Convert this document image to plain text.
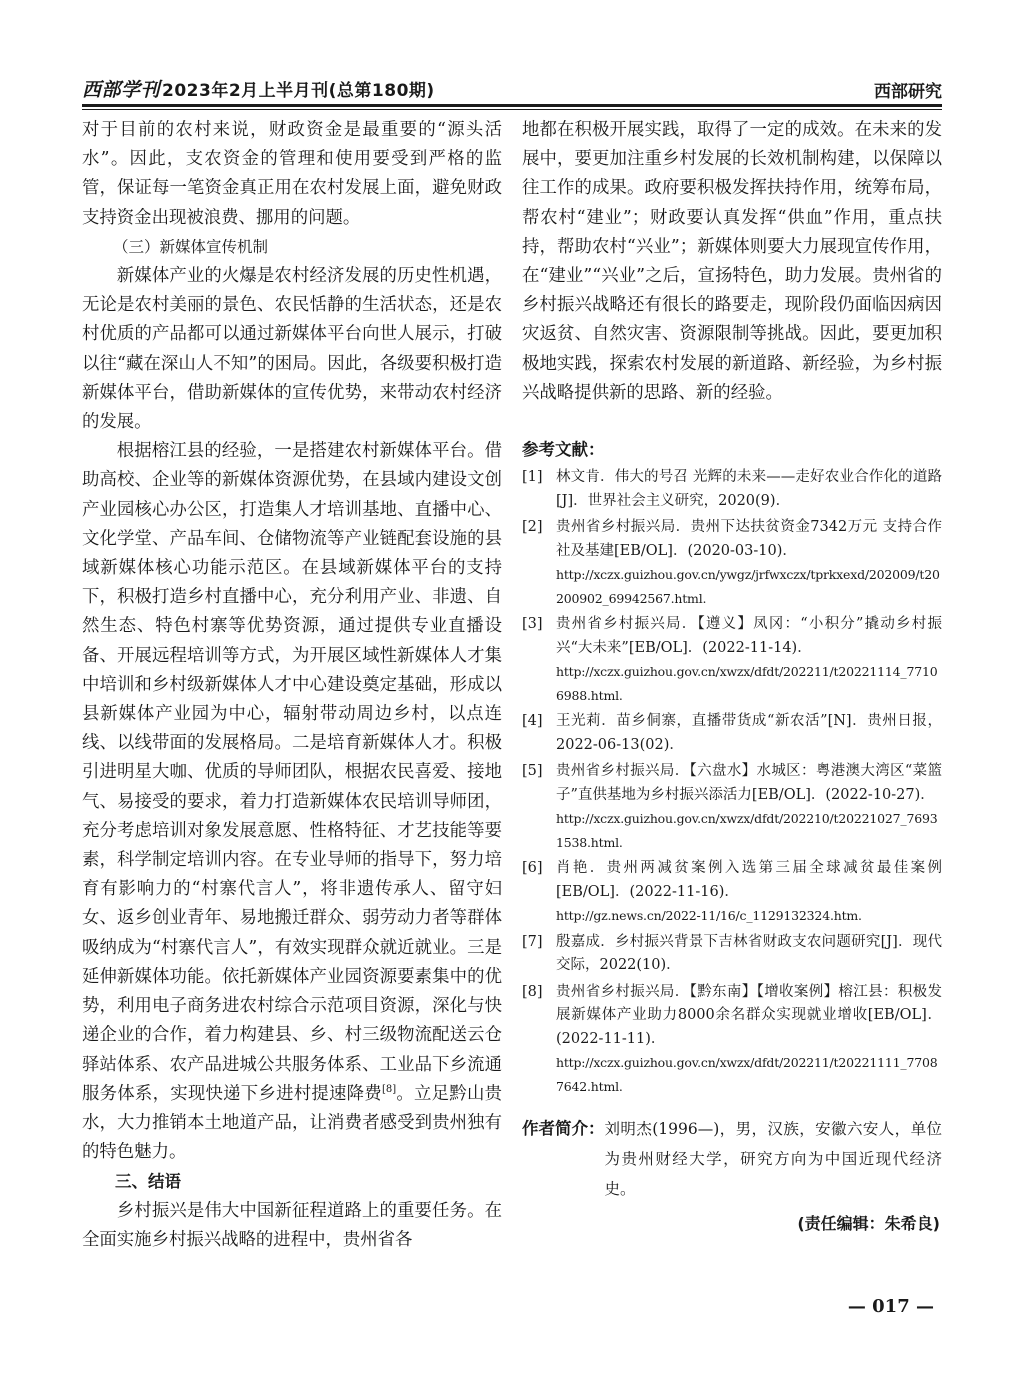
西部学刊 2023年2月上半月刊(总第180期)	西部研究

对于目前的农村来说，财政资金是最重要的“源头活水”。因此，支农资金的管理和使用要受到严格的监管，保证每一笔资金真正用在农村发展上面，避免财政支持资金出现被浪费、挪用的问题。

（三）新媒体宣传机制

新媒体产业的火爆是农村经济发展的历史性机遇，无论是农村美丽的景色、农民恬静的生活状态，还是农村优质的产品都可以通过新媒体平台向世人展示，打破以往“藏在深山人不知”的困局。因此，各级要积极打造新媒体平台，借助新媒体的宣传优势，来带动农村经济的发展。

根据榕江县的经验，一是搭建农村新媒体平台。借助高校、企业等的新媒体资源优势，在县域内建设文创产业园核心办公区，打造集人才培训基地、直播中心、文化学堂、产品车间、仓储物流等产业链配套设施的县域新媒体核心功能示范区。在县域新媒体平台的支持下，积极打造乡村直播中心，充分利用产业、非遗、自然生态、特色村寨等优势资源，通过提供专业直播设备、开展远程培训等方式，为开展区域性新媒体人才集中培训和乡村级新媒体人才中心建设奠定基础，形成以县新媒体产业园为中心，辐射带动周边乡村，以点连线、以线带面的发展格局。二是培育新媒体人才。积极引进明星大咖、优质的导师团队，根据农民喜爱、接地气、易接受的要求，着力打造新媒体农民培训导师团，充分考虑培训对象发展意愿、性格特征、才艺技能等要素，科学制定培训内容。在专业导师的指导下，努力培育有影响力的“村寨代言人”，将非遗传承人、留守妇女、返乡创业青年、易地搬迁群众、弱劳动力者等群体吸纳成为“村寨代言人”，有效实现群众就近就业。三是延伸新媒体功能。依托新媒体产业园资源要素集中的优势，利用电子商务进农村综合示范项目资源，深化与快递企业的合作，着力构建县、乡、村三级物流配送云仓驿站体系、农产品进城公共服务体系、工业品下乡流通服务体系，实现快递下乡进村提速降费[8]。立足黔山贵水，大力推销本土地道产品，让消费者感受到贵州独有的特色魅力。

三、结语

乡村振兴是伟大中国新征程道路上的重要任务。在全面实施乡村振兴战略的进程中，贵州省各

地都在积极开展实践，取得了一定的成效。在未来的发展中，要更加注重乡村发展的长效机制构建，以保障以往工作的成果。政府要积极发挥扶持作用，统筹布局，帮农村“建业”；财政要认真发挥“供血”作用，重点扶持，帮助农村“兴业”；新媒体则要大力展现宣传作用，在“建业”“兴业”之后，宣扬特色，助力发展。贵州省的乡村振兴战略还有很长的路要走，现阶段仍面临因病因灾返贫、自然灾害、资源限制等挑战。因此，要更加积极地实践，探索农村发展的新道路、新经验，为乡村振兴战略提供新的思路、新的经验。

参考文献：
[1] 林文肯．伟大的号召 光辉的未来——走好农业合作化的道路[J]．世界社会主义研究，2020(9)．
[2] 贵州省乡村振兴局．贵州下达扶贫资金7342万元 支持合作社及基建[EB/OL]．(2020-03-10)．
http://xczx.guizhou.gov.cn/ywgz/jrfwxczx/tprkxexd/202009/t20200902_69942567.html.
[3] 贵州省乡村振兴局．【遵义】凤冈：“小积分”撬动乡村振兴“大未来”[EB/OL]．(2022-11-14)．
http://xczx.guizhou.gov.cn/xwzx/dfdt/202211/t20221114_77106988.html.
[4] 王光莉．苗乡侗寨，直播带货成“新农活”[N]．贵州日报，2022-06-13(02)．
[5] 贵州省乡村振兴局．【六盘水】水城区：粤港澳大湾区“菜篮子”直供基地为乡村振兴添活力[EB/OL]．(2022-10-27)．
http://xczx.guizhou.gov.cn/xwzx/dfdt/202210/t20221027_76931538.html.
[6] 肖艳．贵州两减贫案例入选第三届全球减贫最佳案例[EB/OL]．(2022-11-16)．
http://gz.news.cn/2022-11/16/c_1129132324.htm.
[7] 殷嘉成．乡村振兴背景下吉林省财政支农问题研究[J]．现代交际，2022(10)．
[8] 贵州省乡村振兴局．【黔东南】【增收案例】榕江县：积极发展新媒体产业助力8000余名群众实现就业增收[EB/OL]．(2022-11-11)．
http://xczx.guizhou.gov.cn/xwzx/dfdt/202211/t20221111_77087642.html.
作者简介： 刘明杰(1996—)，男，汉族，安徽六安人，单位为贵州财经大学，研究方向为中国近现代经济史。
(责任编辑：朱希良)
— 017 —
